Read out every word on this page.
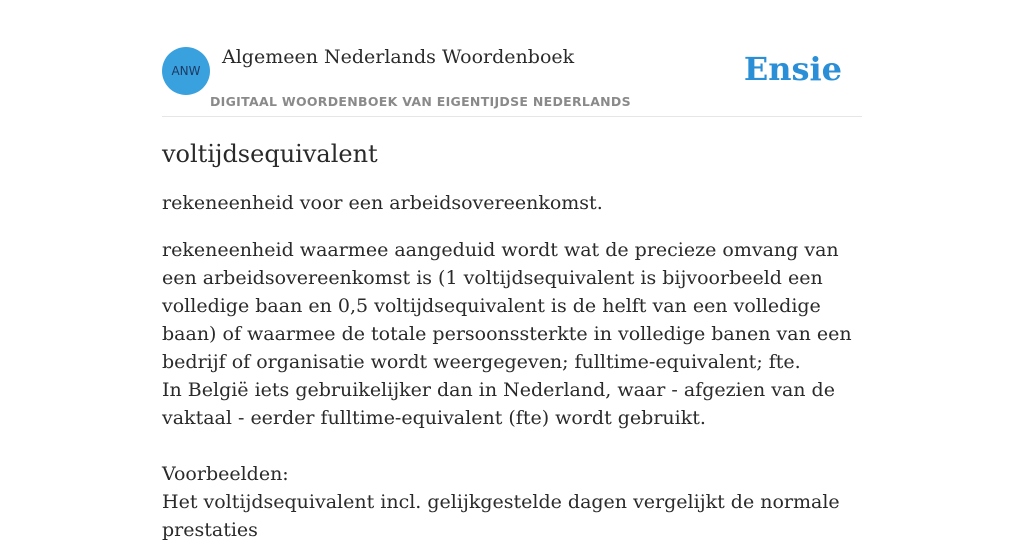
ANW
Algemeen Nederlands Woordenboek
DIGITAAL WOORDENBOEK VAN EIGENTIJDSE NEDERLANDS
Ensie
voltijdsequivalent

rekeneenheid voor een arbeidsovereenkomst.

rekeneenheid waarmee aangeduid wordt wat de precieze omvang van een arbeidsovereenkomst is (1 voltijdsequivalent is bijvoorbeeld een volledige baan en 0,5 voltijdsequivalent is de helft van een volledige baan) of waarmee de totale persoonssterkte in volledige banen van een bedrijf of organisatie wordt weergegeven; fulltime-equivalent; fte.

In België iets gebruikelijker dan in Nederland, waar - afgezien van de vaktaal - eerder fulltime-equivalent (fte) wordt gebruikt.

Voorbeelden:

Het voltijdsequivalent incl. gelijkgestelde dagen vergelijkt de normale prestaties
